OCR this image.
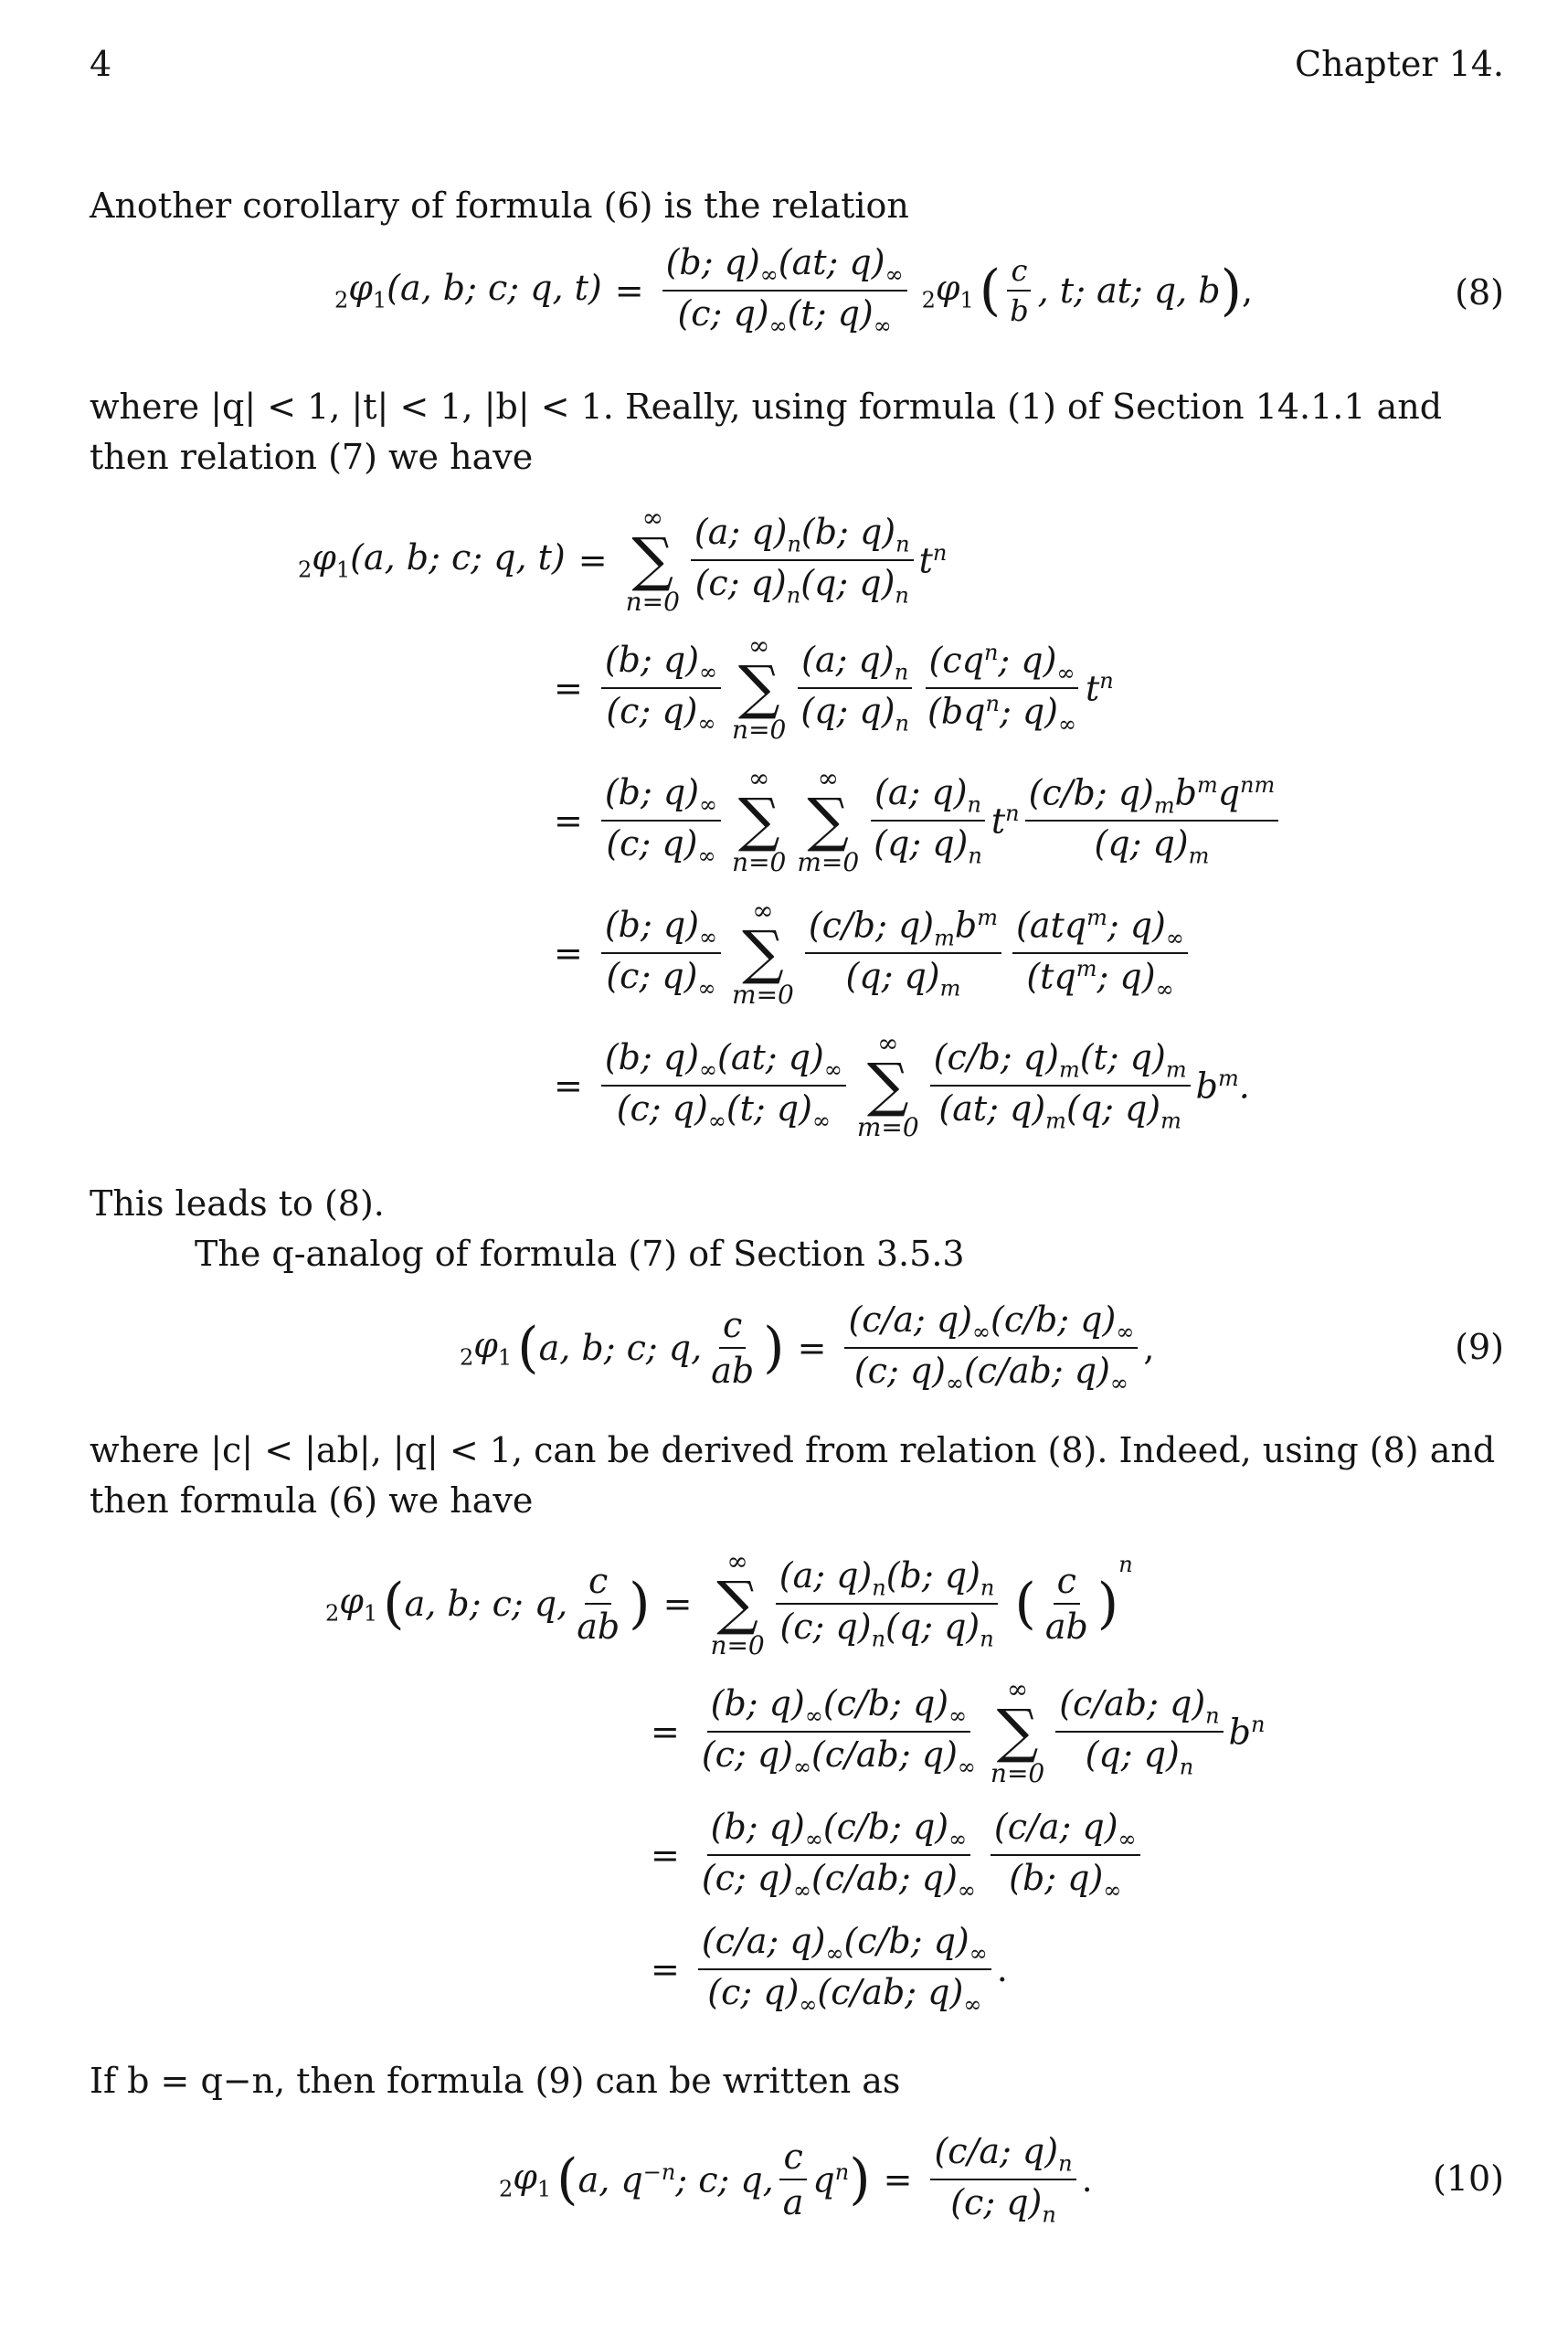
4	Chapter 14.
Another corollary of formula (6) is the relation
$_2\varphi_1(a$, b; c; q, $t) = \frac{(b; q)_\infty(at; q)_\infty}{(c; q)_\infty(t; q)_\infty} _2\varphi_1$ ( $\frac{c}{b}$ , t; at; q, b ) ,	(8)
where |q| < 1, |t| < 1, |b| < 1. Really, using formula (1) of Section 14.1.1 and then relation (7) we have
$_2\varphi_1(a$, b; c; q, t) =
∞
∑
$n=0 \frac{(a; q)_n(b; q)_n}{(c; q)_n(q; q)_n} t^n$
= $\frac{(b; q)_\infty}{(c; q)_\infty}$ ∞
∑
$n=0 \frac{(a; q)_n}{(q; q)_n} \frac{(cq^n; q)_\infty}{(bq^n; q)_\infty} t^n$
= $\frac{(b; q)_\infty}{(c; q)_\infty}$ ∞
∑
n=0
∞
∑
$m=0 \frac{(a; q)_n}{(q; q)_n} t^n \frac{(c/b; q)_mb^mq^{nm}}{(q; q)_m}$
= $\frac{(b; q)_\infty}{(c; q)_\infty}$ ∞
∑
$m=0 \frac{(c/b; q)_mb^m}{(q; q)_m} \frac{(atq^m; q)_\infty}{(tq^m; q)_\infty}$
= $\frac{(b; q)_\infty(at; q)_\infty}{(c; q)_\infty(t; q)_\infty}$ ∞
∑
$m=0 \frac{(c/b; q)_m(t; q)_m}{(at; q)_m(q; q)_m} b^m$.
This leads to (8).
The q-analog of formula (7) of Section 3.5.3
$_2\varphi_1$ ( a, b; c; q, $\frac{c}{ab}$ ) = $\frac{(c/a; q)_\infty(c/b; q)_\infty}{(c; q)_\infty(c/ab; q)_\infty}$ ,	(9)
where |c| < |ab|, |q| < 1, can be derived from relation (8). Indeed, using (8) and then formula (6) we have
$_2\varphi_1$ ( a, b; c; q, $\frac{c}{ab}$ ) =
∞
∑
$n=0 \frac{(a; q)_n(b; q)_n}{(c; q)_n(q; q)_n}$ ( $\frac{c}{ab}$ )
$^n$
= $\frac{(b; q)_\infty(c/b; q)_\infty}{(c; q)_\infty(c/ab; q)_\infty}$ ∞
∑
$n=0 \frac{(c/ab; q)_n}{(q; q)_n} b^n$
= $\frac{(b; q)_\infty(c/b; q)_\infty}{(c; q)_\infty(c/ab; q)_\infty} \frac{(c/a; q)_\infty}{(b; q)_\infty}$
= $\frac{(c/a; q)_\infty(c/b; q)_\infty}{(c; q)_\infty(c/ab; q)_\infty}$ .
If b = q−n, then formula (9) can be written as
$_2\varphi_1$ ( a, $q^{-n}$; c; q, $\frac{c}{a} q^n$ ) = $\frac{(c/a; q)_n}{(c; q)_n}$ .	(10)
